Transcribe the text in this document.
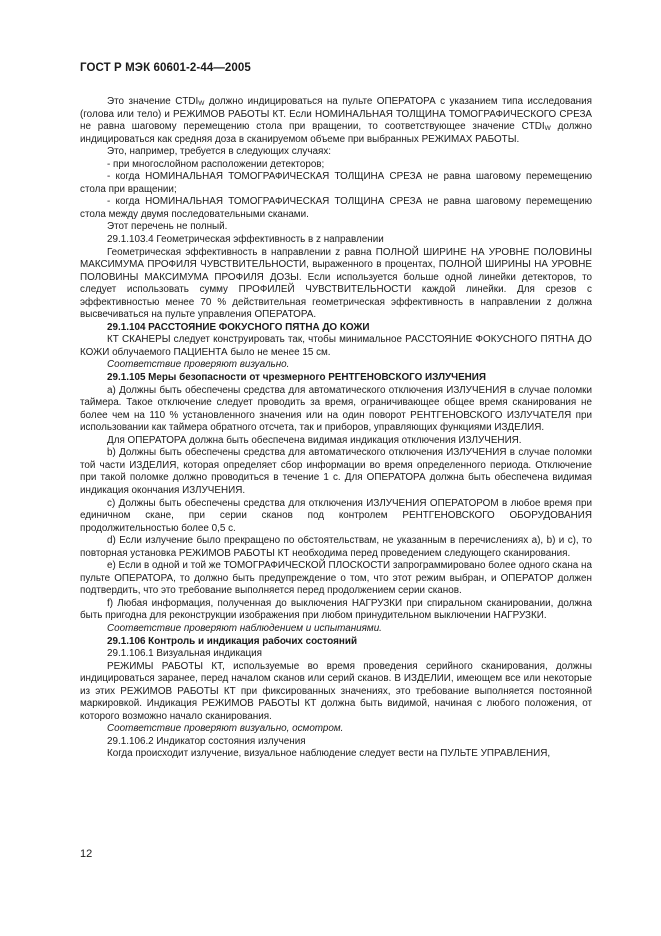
ГОСТ Р МЭК 60601-2-44—2005

Это значение $CTDI_W$ должно индицироваться на пульте ОПЕРАТОРА с указанием типа исследования (голова или тело) и РЕЖИМОВ РАБОТЫ КТ. Если НОМИНАЛЬНАЯ ТОЛЩИНА ТОМОГРАФИЧЕСКОГО СРЕЗА не равна шаговому перемещению стола при вращении, то соответствующее значение $CTDI_W$ должно индицироваться как средняя доза в сканируемом объеме при выбранных РЕЖИМАХ РАБОТЫ.

Это, например, требуется в следующих случаях:

- при многослойном расположении детекторов;

- когда НОМИНАЛЬНАЯ ТОМОГРАФИЧЕСКАЯ ТОЛЩИНА СРЕЗА не равна шаговому перемещению стола при вращении;

- когда НОМИНАЛЬНАЯ ТОМОГРАФИЧЕСКАЯ ТОЛЩИНА СРЕЗА не равна шаговому перемещению стола между двумя последовательными сканами.

Этот перечень не полный.

29.1.103.4 Геометрическая эффективность в z направлении

Геометрическая эффективность в направлении z равна ПОЛНОЙ ШИРИНЕ НА УРОВНЕ ПОЛОВИНЫ МАКСИМУМА ПРОФИЛЯ ЧУВСТВИТЕЛЬНОСТИ, выраженного в процентах, ПОЛНОЙ ШИРИНЫ НА УРОВНЕ ПОЛОВИНЫ МАКСИМУМА ПРОФИЛЯ ДОЗЫ. Если используется больше одной линейки детекторов, то следует использовать сумму ПРОФИЛЕЙ ЧУВСТВИТЕЛЬНОСТИ каждой линейки. Для срезов с эффективностью менее 70 % действительная геометрическая эффективность в направлении z должна высвечиваться на пульте управления ОПЕРАТОРА.

29.1.104 РАССТОЯНИЕ ФОКУСНОГО ПЯТНА ДО КОЖИ

КТ СКАНЕРЫ следует конструировать так, чтобы минимальное РАССТОЯНИЕ ФОКУСНОГО ПЯТНА ДО КОЖИ облучаемого ПАЦИЕНТА было не менее 15 см.

Соответствие проверяют визуально.

29.1.105 Меры безопасности от чрезмерного РЕНТГЕНОВСКОГО ИЗЛУЧЕНИЯ

a) Должны быть обеспечены средства для автоматического отключения ИЗЛУЧЕНИЯ в случае поломки таймера. Такое отключение следует проводить за время, ограничивающее общее время сканирования не более чем на 110 % установленного значения или на один поворот РЕНТГЕНОВСКОГО ИЗЛУЧАТЕЛЯ при использовании как таймера обратного отсчета, так и приборов, управляющих функциями ИЗДЕЛИЯ.

Для ОПЕРАТОРА должна быть обеспечена видимая индикация отключения ИЗЛУЧЕНИЯ.

b) Должны быть обеспечены средства для автоматического отключения ИЗЛУЧЕНИЯ в случае поломки той части ИЗДЕЛИЯ, которая определяет сбор информации во время определенного периода. Отключение при такой поломке должно проводиться в течение 1 с. Для ОПЕРАТОРА должна быть обеспечена видимая индикация окончания ИЗЛУЧЕНИЯ.

c) Должны быть обеспечены средства для отключения ИЗЛУЧЕНИЯ ОПЕРАТОРОМ в любое время при единичном скане, при серии сканов под контролем РЕНТГЕНОВСКОГО ОБОРУДОВАНИЯ продолжительностью более 0,5 с.

d) Если излучение было прекращено по обстоятельствам, не указанным в перечислениях a), b) и c), то повторная установка РЕЖИМОВ РАБОТЫ КТ необходима перед проведением следующего сканирования.

e) Если в одной и той же ТОМОГРАФИЧЕСКОЙ ПЛОСКОСТИ запрограммировано более одного скана на пульте ОПЕРАТОРА, то должно быть предупреждение о том, что этот режим выбран, и ОПЕРАТОР должен подтвердить, что это требование выполняется перед продолжением серии сканов.

f) Любая информация, полученная до выключения НАГРУЗКИ при спиральном сканировании, должна быть пригодна для реконструкции изображения при любом принудительном выключении НАГРУЗКИ.

Соответствие проверяют наблюдением и испытаниями.

29.1.106 Контроль и индикация рабочих состояний

29.1.106.1 Визуальная индикация

РЕЖИМЫ РАБОТЫ КТ, используемые во время проведения серийного сканирования, должны индицироваться заранее, перед началом сканов или серий сканов. В ИЗДЕЛИИ, имеющем все или некоторые из этих РЕЖИМОВ РАБОТЫ КТ при фиксированных значениях, это требование выполняется постоянной маркировкой. Индикация РЕЖИМОВ РАБОТЫ КТ должна быть видимой, начиная с любого положения, от которого возможно начало сканирования.

Соответствие проверяют визуально, осмотром.

29.1.106.2 Индикатор состояния излучения

Когда происходит излучение, визуальное наблюдение следует вести на ПУЛЬТЕ УПРАВЛЕНИЯ,

12
